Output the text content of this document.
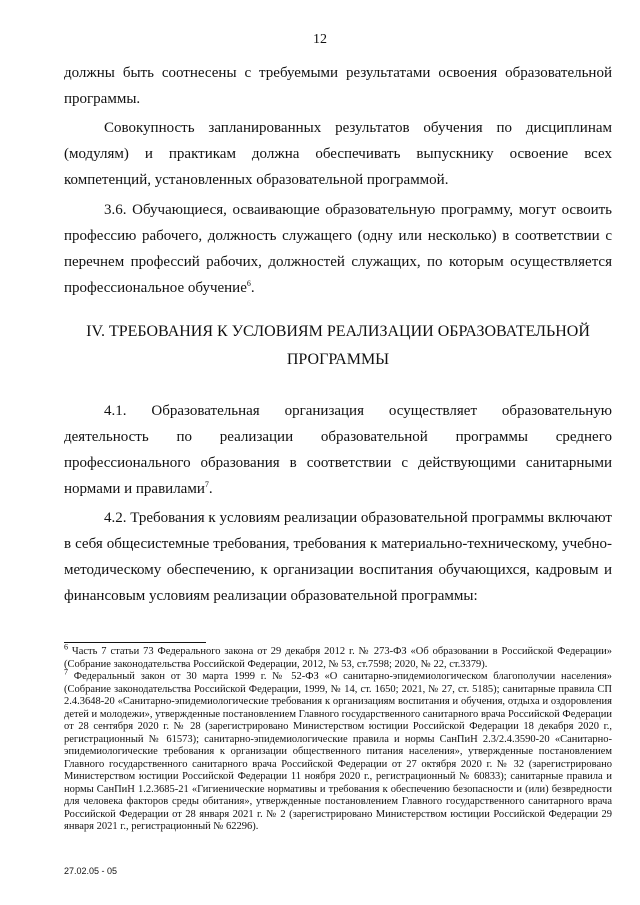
12

должны быть соотнесены с требуемыми результатами освоения образовательной программы.

Совокупность запланированных результатов обучения по дисциплинам (модулям) и практикам должна обеспечивать выпускнику освоение всех компетенций, установленных образовательной программой.

3.6. Обучающиеся, осваивающие образовательную программу, могут освоить профессию рабочего, должность служащего (одну или несколько) в соответствии с перечнем профессий рабочих, должностей служащих, по которым осуществляется профессиональное обучение$^6$.

IV. ТРЕБОВАНИЯ К УСЛОВИЯМ РЕАЛИЗАЦИИ ОБРАЗОВАТЕЛЬНОЙ
ПРОГРАММЫ

4.1. Образовательная организация осуществляет образовательную деятельность по реализации образовательной программы среднего профессионального образования в соответствии с действующими санитарными нормами и правилами$^7$.

4.2. Требования к условиям реализации образовательной программы включают в себя общесистемные требования, требования к материально-техническому, учебно-методическому обеспечению, к организации воспитания обучающихся, кадровым и финансовым условиям реализации образовательной программы:

$^6$ Часть 7 статьи 73 Федерального закона от 29 декабря 2012 г. № 273-ФЗ «Об образовании в Российской Федерации» (Собрание законодательства Российской Федерации, 2012, № 53, ст.7598; 2020, № 22, ст.3379).

$^7$ Федеральный закон от 30 марта 1999 г. № 52-ФЗ «О санитарно-эпидемиологическом благополучии населения» (Собрание законодательства Российской Федерации, 1999, № 14, ст. 1650; 2021, № 27, ст. 5185); санитарные правила СП 2.4.3648-20 «Санитарно-эпидемиологические требования к организациям воспитания и обучения, отдыха и оздоровления детей и молодежи», утвержденные постановлением Главного государственного санитарного врача Российской Федерации от 28 сентября 2020 г. № 28 (зарегистрировано Министерством юстиции Российской Федерации 18 декабря 2020 г., регистрационный № 61573); санитарно-эпидемиологические правила и нормы СанПиН 2.3/2.4.3590-20 «Санитарно-эпидемиологические требования к организации общественного питания населения», утвержденные постановлением Главного государственного санитарного врача Российской Федерации от 27 октября 2020 г. № 32 (зарегистрировано Министерством юстиции Российской Федерации 11 ноября 2020 г., регистрационный № 60833); санитарные правила и нормы СанПиН 1.2.3685-21 «Гигиенические нормативы и требования к обеспечению безопасности и (или) безвредности для человека факторов среды обитания», утвержденные постановлением Главного государственного санитарного врача Российской Федерации от 28 января 2021 г. № 2 (зарегистрировано Министерством юстиции Российской Федерации 29 января 2021 г., регистрационный № 62296).

27.02.05 - 05
